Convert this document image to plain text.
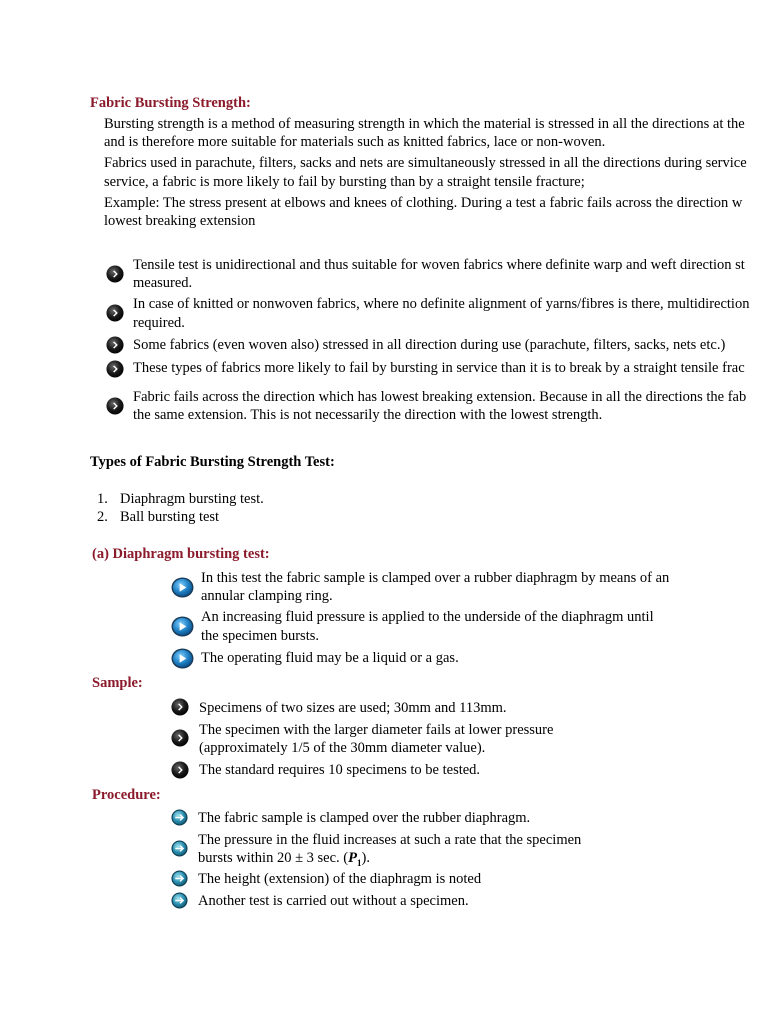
Fabric Bursting Strength:
Bursting strength is a method of measuring strength in which the material is stressed in all the directions at the
and is therefore more suitable for materials such as knitted fabrics, lace or non-woven.
Fabrics used in parachute, filters, sacks and nets are simultaneously stressed in all the directions during service
service, a fabric is more likely to fail by bursting than by a straight tensile fracture;
Example: The stress present at elbows and knees of clothing. During a test a fabric fails across the direction w
lowest breaking extension
Tensile test is unidirectional and thus suitable for woven fabrics where definite warp and weft direction st
measured.
In case of knitted or nonwoven fabrics, where no definite alignment of yarns/fibres is there, multidirection
required.
Some fabrics (even woven also) stressed in all direction during use (parachute, filters, sacks, nets etc.)
These types of fabrics more likely to fail by bursting in service than it is to break by a straight tensile frac
Fabric fails across the direction which has lowest breaking extension. Because in all the directions the fab
the same extension. This is not necessarily the direction with the lowest strength.
Types of Fabric Bursting Strength Test:
1. Diaphragm bursting test.
2. Ball bursting test
(a) Diaphragm bursting test:
In this test the fabric sample is clamped over a rubber diaphragm by means of an
annular clamping ring.
An increasing fluid pressure is applied to the underside of the diaphragm until
the specimen bursts.
The operating fluid may be a liquid or a gas.
Sample:
Specimens of two sizes are used; 30mm and 113mm.
The specimen with the larger diameter fails at lower pressure
(approximately 1/5 of the 30mm diameter value).
The standard requires 10 specimens to be tested.
Procedure:
The fabric sample is clamped over the rubber diaphragm.
The pressure in the fluid increases at such a rate that the specimen
bursts within 20 ± 3 sec. $(P_1)$.
The height (extension) of the diaphragm is noted
Another test is carried out without a specimen.
